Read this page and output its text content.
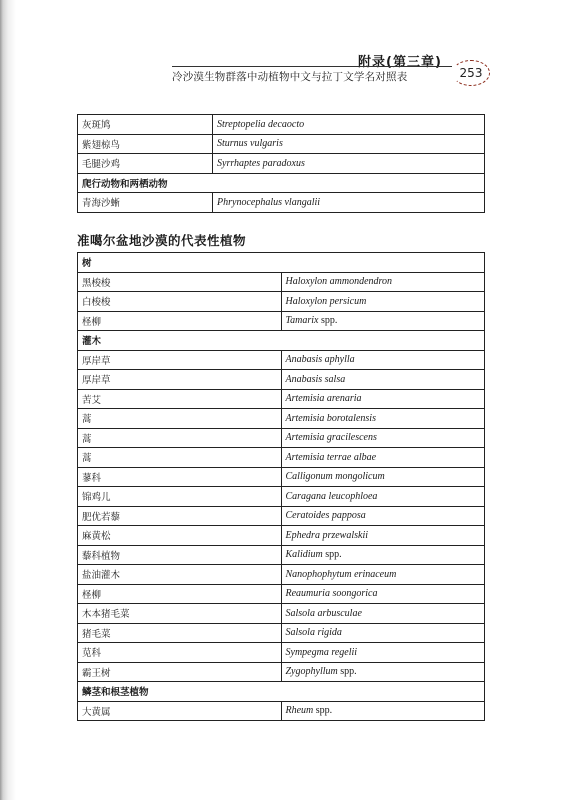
附录(第三章)
冷沙漠生物群落中动植物中文与拉丁文学名对照表	253
灰斑鸠	Streptopelia decaocto
紫翅椋鸟	Sturnus vulgaris
毛腿沙鸡	Syrrhaptes paradoxus
爬行动物和两栖动物	
青海沙蜥	Phrynocephalus vlangalii
准噶尔盆地沙漠的代表性植物
树	
黑梭梭	Haloxylon ammondendron
白梭梭	Haloxylon persicum
柽柳	Tamarix spp.
灌木	
厚岸草	Anabasis aphylla
厚岸草	Anabasis salsa
苦艾	Artemisia arenaria
蒿	Artemisia borotalensis
蒿	Artemisia gracilescens
蒿	Artemisia terrae albae
蓼科	Calligonum mongolicum
锦鸡儿	Caragana leucophloea
肥优若藜	Ceratoides papposa
麻黄松	Ephedra przewalskii
藜科植物	Kalidium spp.
盐油灌木	Nanophophytum erinaceum
柽柳	Reaumuria soongorica
木本猪毛菜	Salsola arbusculae
猪毛菜	Salsola rigida
苋科	Sympegma regelii
霸王树	Zygophyllum spp.
鳞茎和根茎植物	
大黄属	Rheum spp.
